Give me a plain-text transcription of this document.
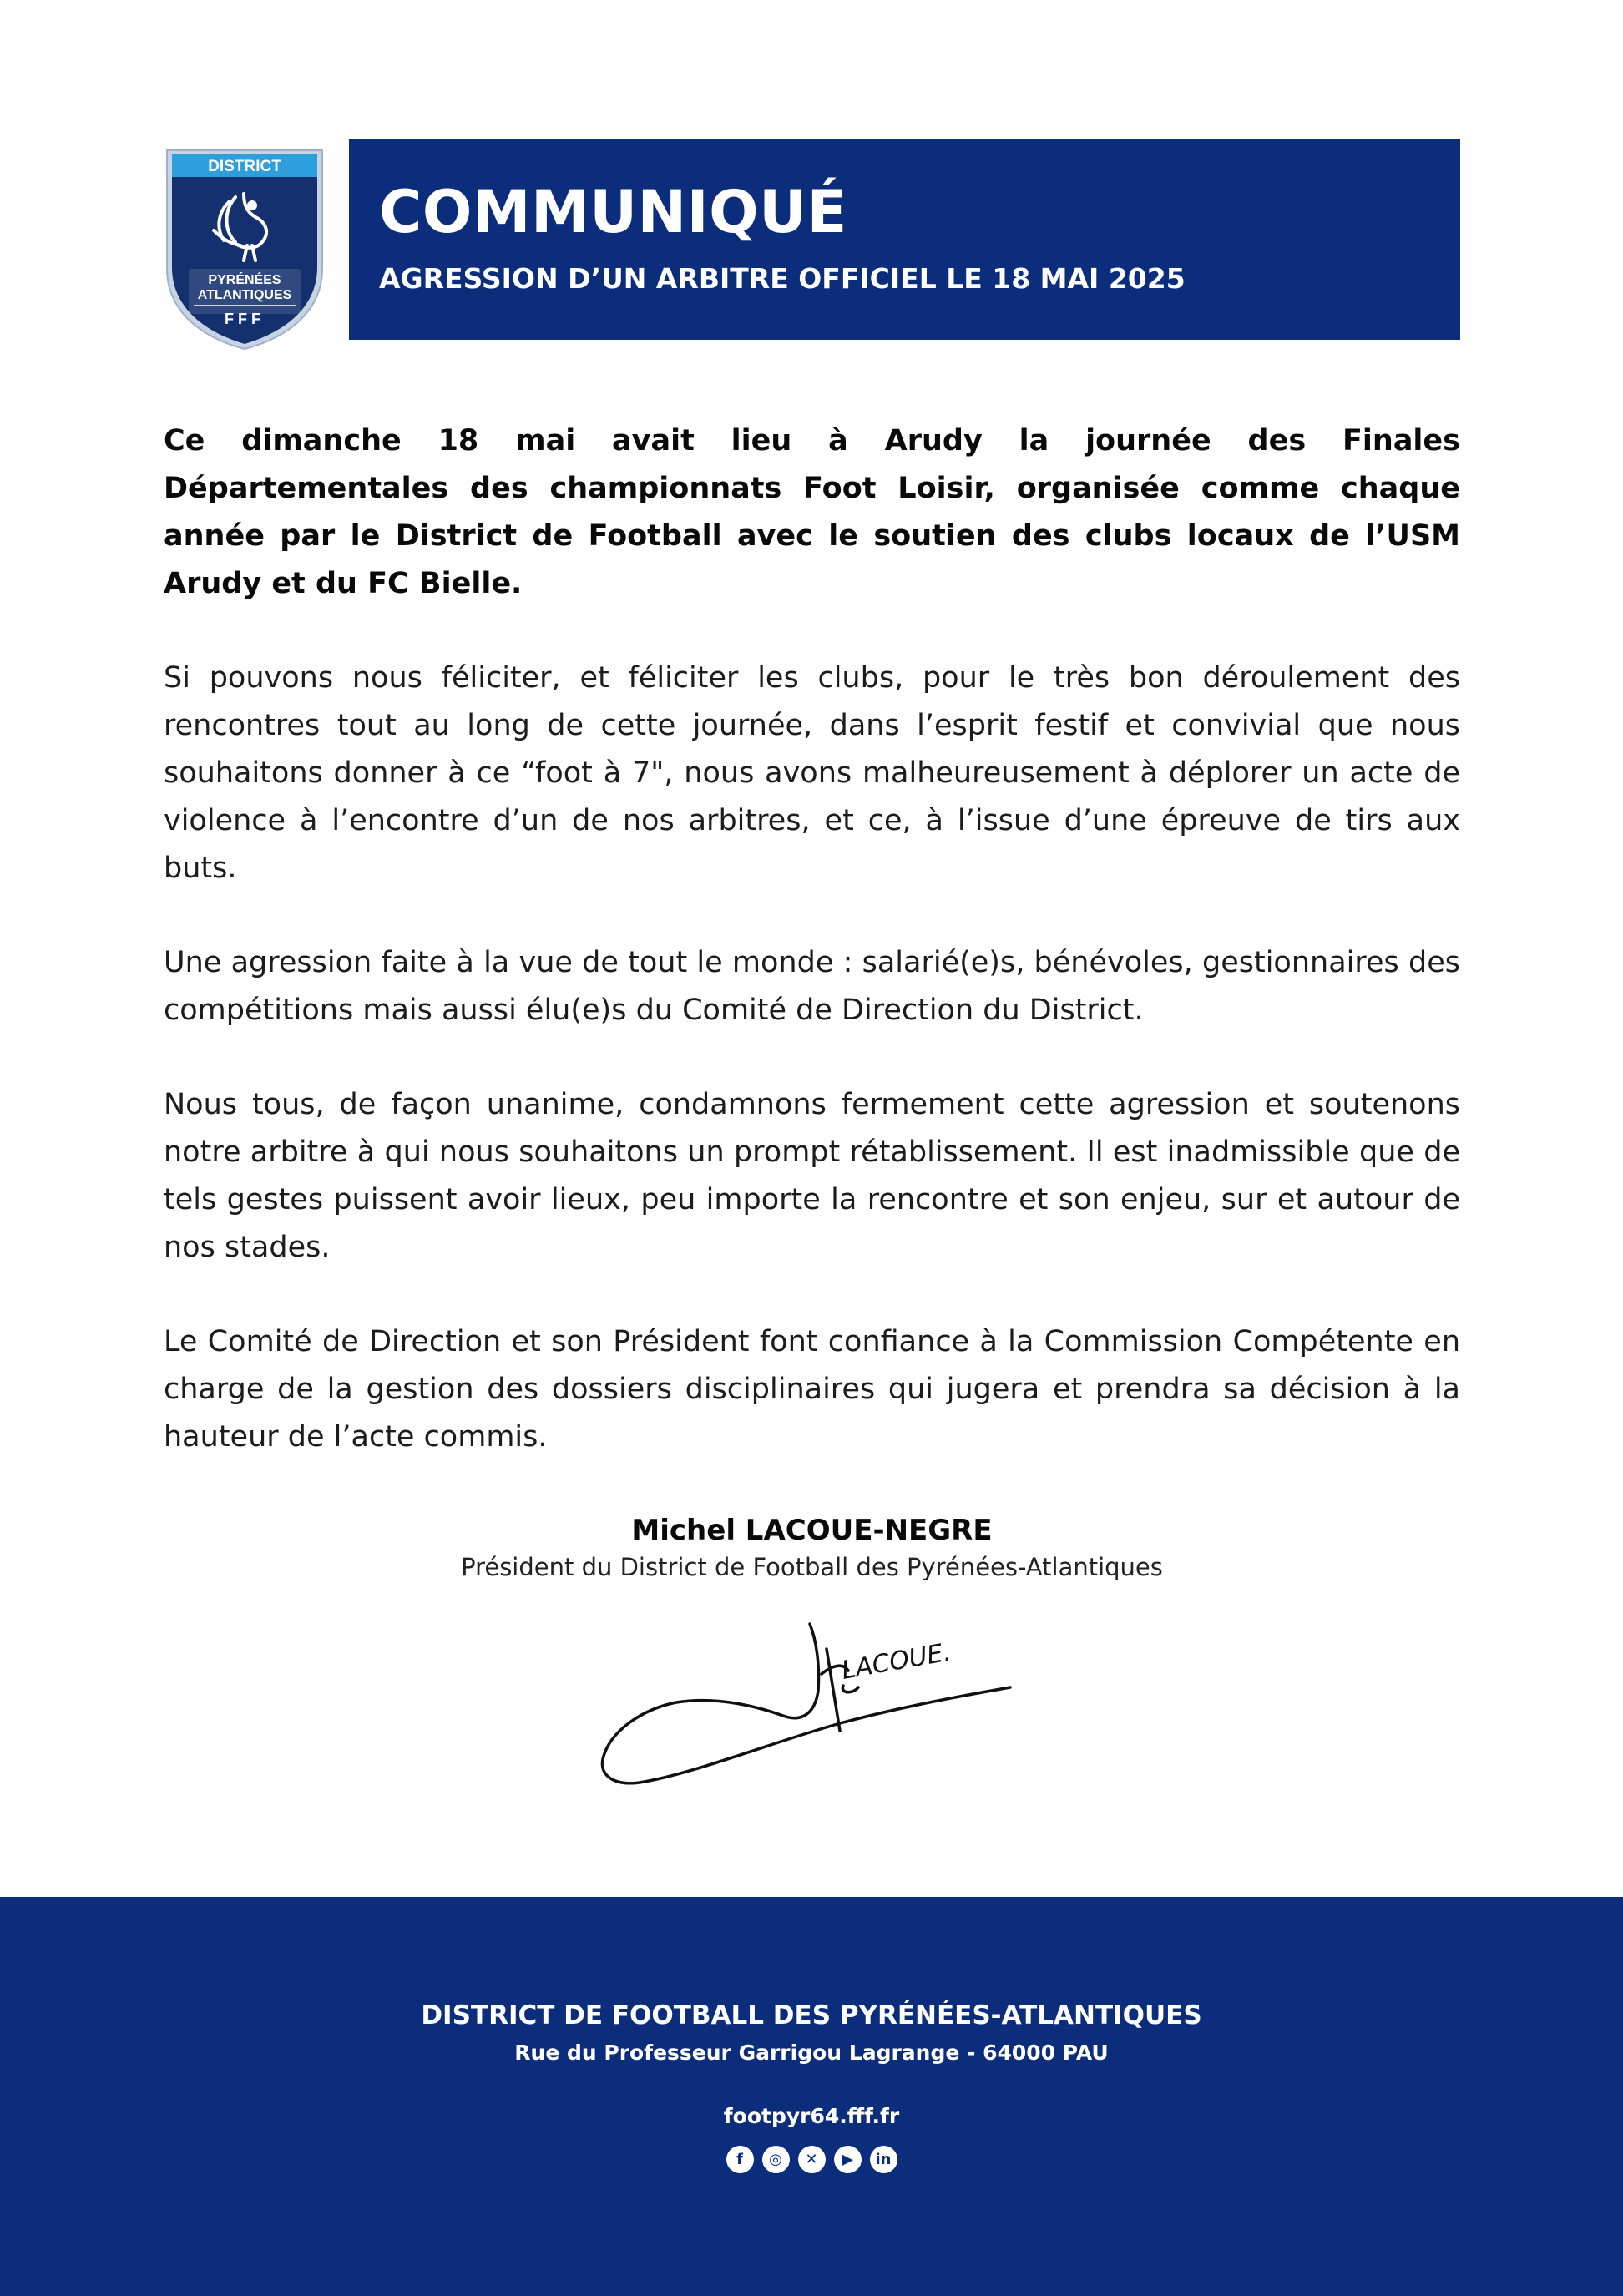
DISTRICT
PYRÉNÉES
ATLANTIQUES
FFF
COMMUNIQUÉ
AGRESSION D’UN ARBITRE OFFICIEL LE 18 MAI 2025

Ce dimanche 18 mai avait lieu à Arudy la journée des Finales Départementales des championnats Foot Loisir, organisée comme chaque année par le District de Football avec le soutien des clubs locaux de l’USM Arudy et du FC Bielle.

Si pouvons nous féliciter, et féliciter les clubs, pour le très bon déroulement des rencontres tout au long de cette journée, dans l’esprit festif et convivial que nous souhaitons donner à ce “foot à 7", nous avons malheureusement à déplorer un acte de violence à l’encontre d’un de nos arbitres, et ce, à l’issue d’une épreuve de tirs aux buts.

Une agression faite à la vue de tout le monde : salarié(e)s, bénévoles, gestionnaires des compétitions mais aussi élu(e)s du Comité de Direction du District.

Nous tous, de façon unanime, condamnons fermement cette agression et soutenons notre arbitre à qui nous souhaitons un prompt rétablissement. Il est inadmissible que de tels gestes puissent avoir lieux, peu importe la rencontre et son enjeu, sur et autour de nos stades.

Le Comité de Direction et son Président font confiance à la Commission Compétente en charge de la gestion des dossiers disciplinaires qui jugera et prendra sa décision à la hauteur de l’acte commis.

Michel LACOUE-NEGRE
Président du District de Football des Pyrénées-Atlantiques
LACOUE.
DISTRICT DE FOOTBALL DES PYRÉNÉES-ATLANTIQUES
Rue du Professeur Garrigou Lagrange - 64000 PAU
footpyr64.fff.fr
f	◎	✕	▶	in
